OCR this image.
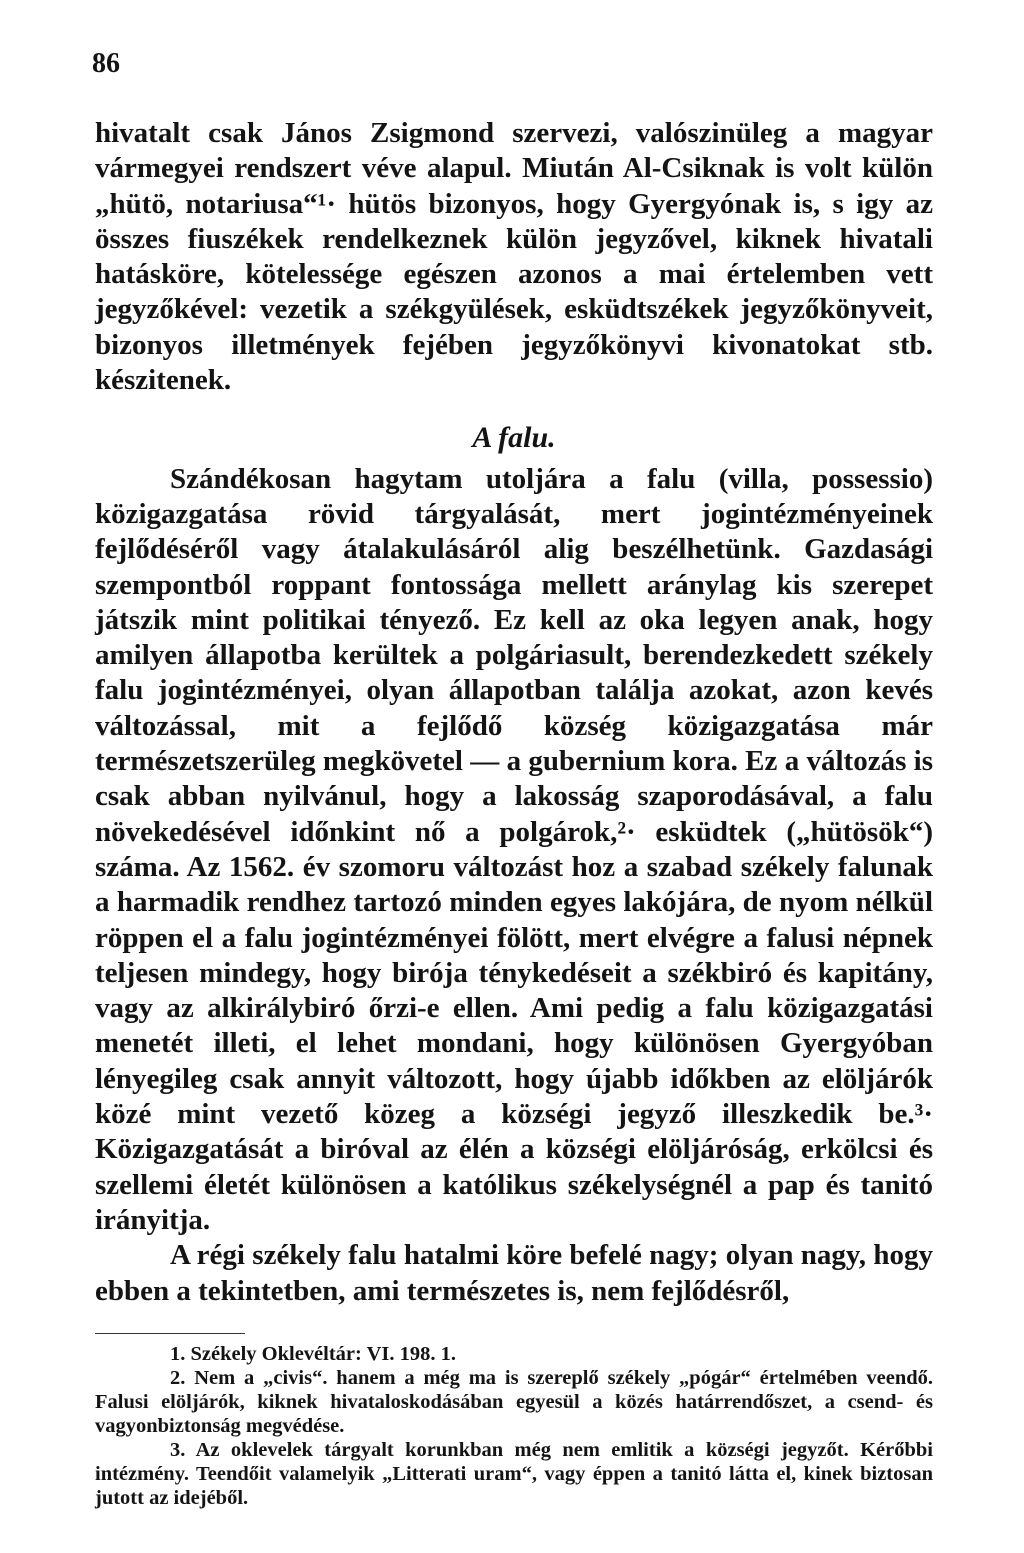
86

hivatalt csak János Zsigmond szervezi, valószinüleg a magyar vármegyei rendszert véve alapul. Miután Al-Csiknak is volt külön „hütö, notariusa“¹· hütös bizonyos, hogy Gyergyónak is, s igy az összes fiuszékek rendelkeznek külön jegyzővel, kiknek hivatali hatásköre, kötelessége egészen azonos a mai értelemben vett jegyzőkével: vezetik a székgyülések, esküdtszékek jegyzőkönyveit, bizonyos illetmények fejében jegyzőkönyvi kivonatokat stb. készitenek.

A falu.

Szándékosan hagytam utoljára a falu (villa, possessio) közigazgatása rövid tárgyalását, mert jogintézményeinek fejlődéséről vagy átalakulásáról alig beszélhetünk. Gazdasági szempontból roppant fontossága mellett aránylag kis szerepet játszik mint politikai tényező. Ez kell az oka legyen anak, hogy amilyen állapotba kerültek a polgáriasult, berendezkedett székely falu jogintézményei, olyan állapotban találja azokat, azon kevés változással, mit a fejlődő község közigazgatása már természetszerüleg megkövetel — a gubernium kora. Ez a változás is csak abban nyilvánul, hogy a lakosság szaporodásával, a falu növekedésével időnkint nő a polgárok,²· esküdtek („hütösök“) száma. Az 1562. év szomoru változást hoz a szabad székely falunak a harmadik rendhez tartozó minden egyes lakójára, de nyom nélkül röppen el a falu jogintézményei fölött, mert elvégre a falusi népnek teljesen mindegy, hogy birója ténykedéseit a székbiró és kapitány, vagy az alkirálybiró őrzi-e ellen. Ami pedig a falu közigazgatási menetét illeti, el lehet mondani, hogy különösen Gyergyóban lényegileg csak annyit változott, hogy újabb időkben az elöljárók közé mint vezető közeg a községi jegyző illeszkedik be.³· Közigazgatását a biróval az élén a községi elöljáróság, erkölcsi és szellemi életét különösen a katólikus székelységnél a pap és tanitó irányitja.

A régi székely falu hatalmi köre befelé nagy; olyan nagy, hogy ebben a tekintetben, ami természetes is, nem fejlődésről,

1. Székely Oklevéltár: VI. 198. 1.

2. Nem a „civis“. hanem a még ma is szereplő székely „pógár“ értelmében veendő. Falusi elöljárók, kiknek hivataloskodásában egyesül a közés határrendőszet, a csend- és vagyonbiztonság megvédése.

3. Az oklevelek tárgyalt korunkban még nem emlitik a községi jegyzőt. Kérőbbi intézmény. Teendőit valamelyik „Litterati uram“, vagy éppen a tanitó látta el, kinek biztosan jutott az idejéből.
